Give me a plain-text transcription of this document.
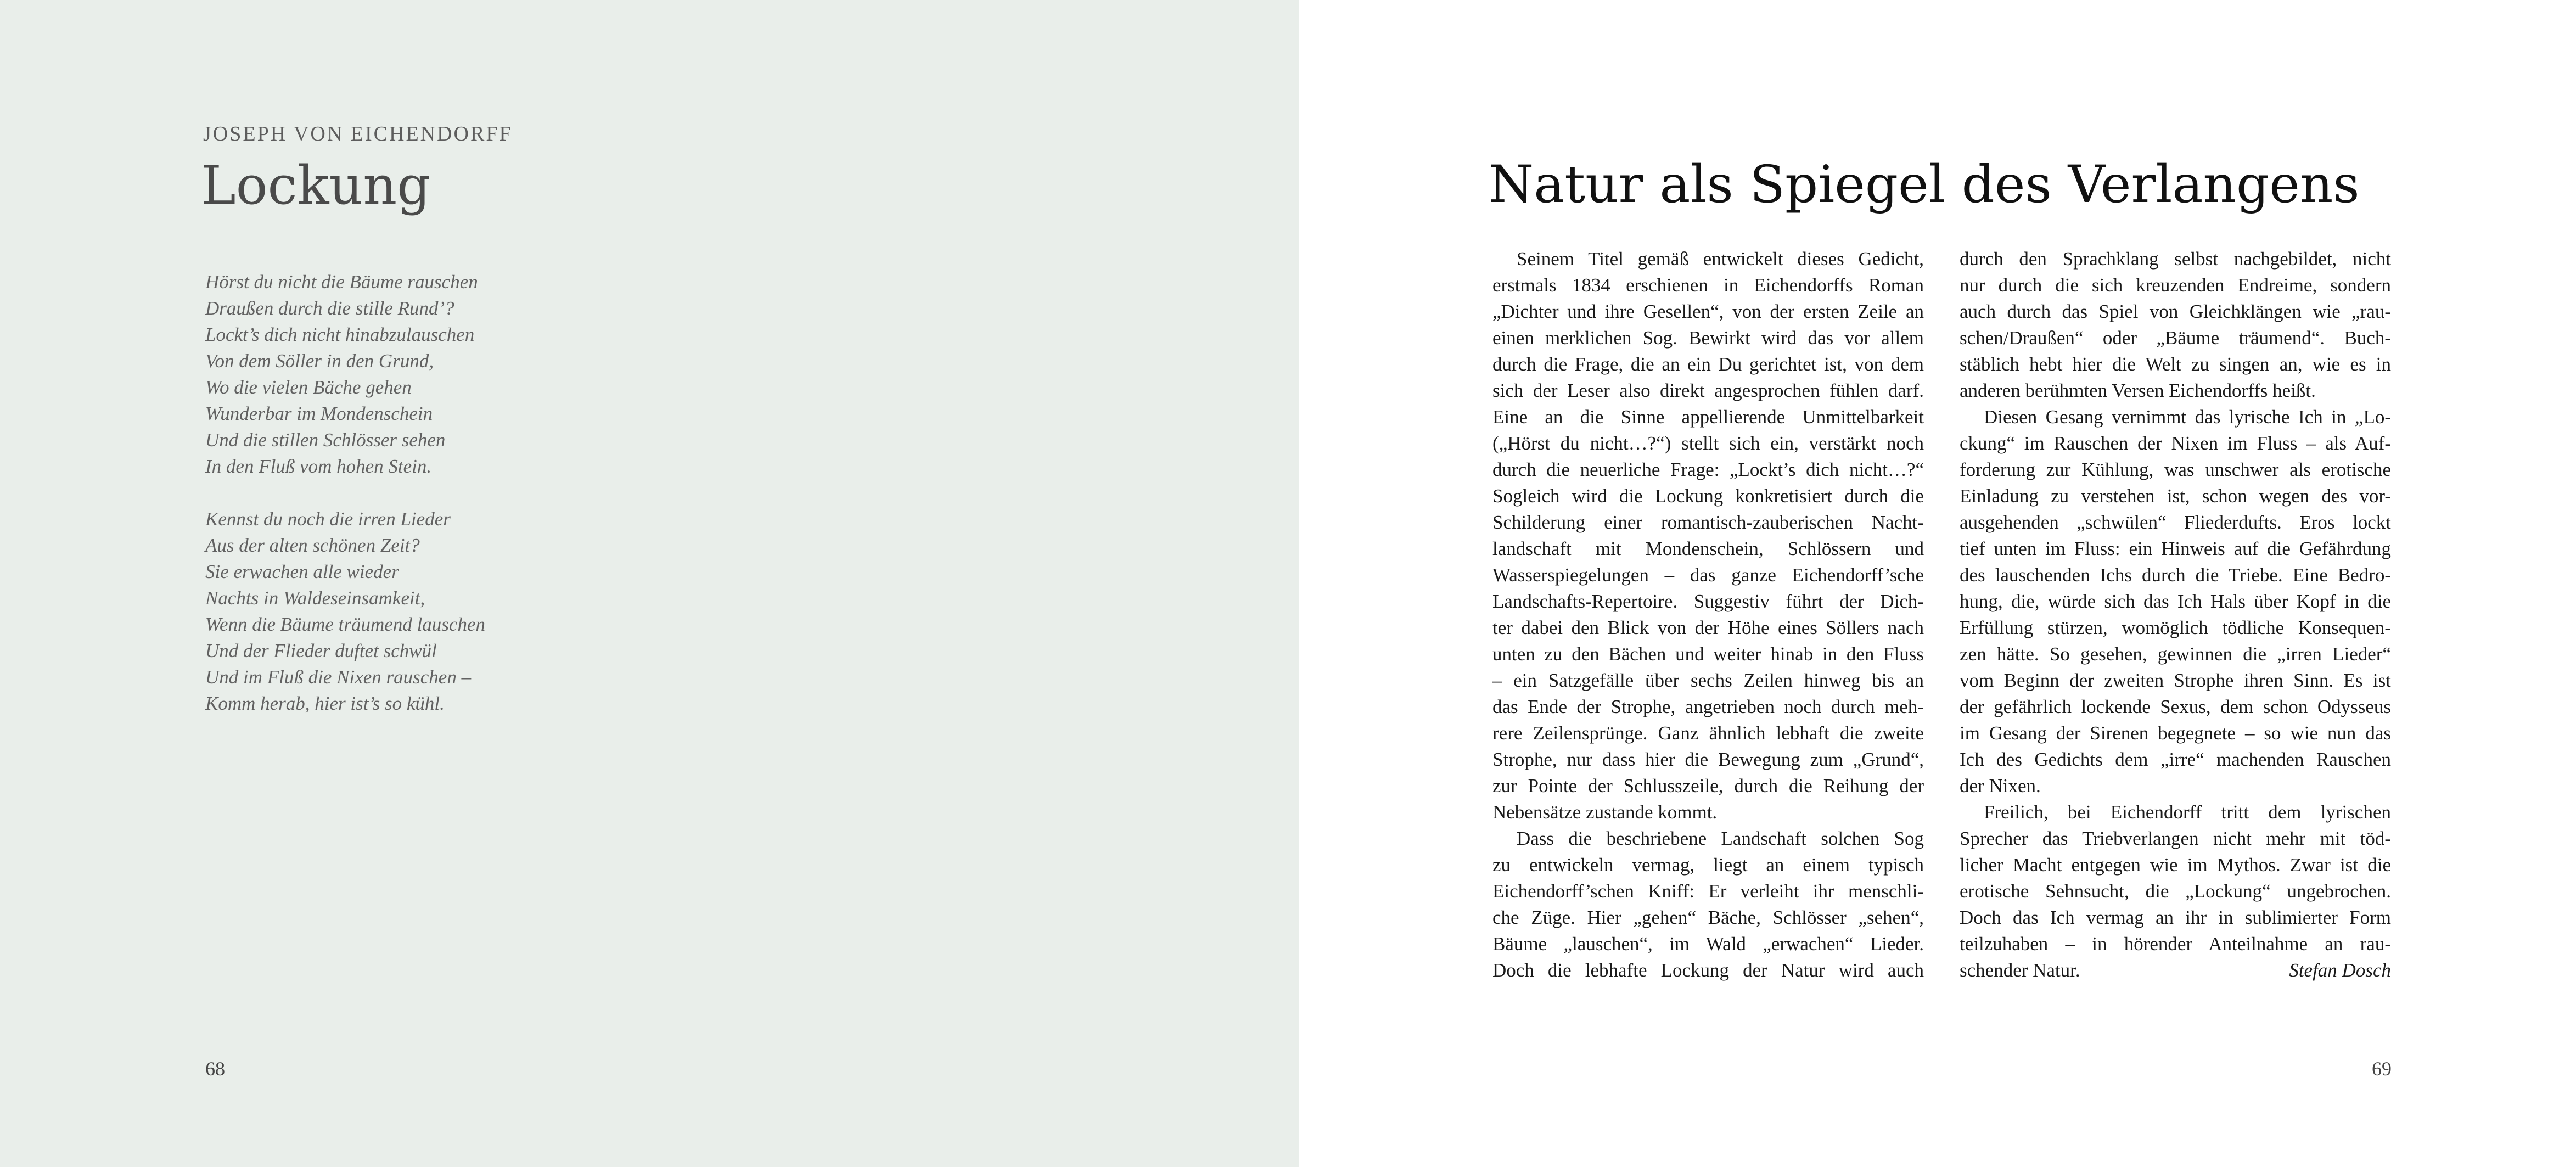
JOSEPH VON EICHENDORFF

Lockung
Hörst du nicht die Bäume rauschen
Draußen durch die stille Rund’?
Lockt’s dich nicht hinabzulauschen
Von dem Söller in den Grund,
Wo die vielen Bäche gehen
Wunderbar im Mondenschein
Und die stillen Schlösser sehen
In den Fluß vom hohen Stein.
Kennst du noch die irren Lieder
Aus der alten schönen Zeit?
Sie erwachen alle wieder
Nachts in Waldeseinsamkeit,
Wenn die Bäume träumend lauschen
Und der Flieder duftet schwül
Und im Fluß die Nixen rauschen –
Komm herab, hier ist’s so kühl.

68

Natur als Spiegel des Verlangens
Seinem Titel gemäß entwickelt dieses Gedicht,
erstmals 1834 erschienen in Eichendorffs Roman
„Dichter und ihre Gesellen“, von der ersten Zeile an
einen merklichen Sog. Bewirkt wird das vor allem
durch die Frage, die an ein Du gerichtet ist, von dem
sich der Leser also direkt angesprochen fühlen darf.
Eine an die Sinne appellierende Unmittelbarkeit
(„Hörst du nicht…?“) stellt sich ein, verstärkt noch
durch die neuerliche Frage: „Lockt’s dich nicht…?“
Sogleich wird die Lockung konkretisiert durch die
Schilderung einer romantisch-zauberischen Nacht-
landschaft mit Mondenschein, Schlössern und
Wasserspiegelungen – das ganze Eichendorff’sche
Landschafts-Repertoire. Suggestiv führt der Dich-
ter dabei den Blick von der Höhe eines Söllers nach
unten zu den Bächen und weiter hinab in den Fluss
– ein Satzgefälle über sechs Zeilen hinweg bis an
das Ende der Strophe, angetrieben noch durch meh-
rere Zeilensprünge. Ganz ähnlich lebhaft die zweite
Strophe, nur dass hier die Bewegung zum „Grund“,
zur Pointe der Schlusszeile, durch die Reihung der
Nebensätze zustande kommt.
Dass die beschriebene Landschaft solchen Sog
zu entwickeln vermag, liegt an einem typisch
Eichendorff’schen Kniff: Er verleiht ihr menschli-
che Züge. Hier „gehen“ Bäche, Schlösser „sehen“,
Bäume „lauschen“, im Wald „erwachen“ Lieder.
Doch die lebhafte Lockung der Natur wird auch
durch den Sprachklang selbst nachgebildet, nicht
nur durch die sich kreuzenden Endreime, sondern
auch durch das Spiel von Gleichklängen wie „rau-
schen/Draußen“ oder „Bäume träumend“. Buch-
stäblich hebt hier die Welt zu singen an, wie es in
anderen berühmten Versen Eichendorffs heißt.
Diesen Gesang vernimmt das lyrische Ich in „Lo-
ckung“ im Rauschen der Nixen im Fluss – als Auf-
forderung zur Kühlung, was unschwer als erotische
Einladung zu verstehen ist, schon wegen des vor-
ausgehenden „schwülen“ Fliederdufts. Eros lockt
tief unten im Fluss: ein Hinweis auf die Gefährdung
des lauschenden Ichs durch die Triebe. Eine Bedro-
hung, die, würde sich das Ich Hals über Kopf in die
Erfüllung stürzen, womöglich tödliche Konsequen-
zen hätte. So gesehen, gewinnen die „irren Lieder“
vom Beginn der zweiten Strophe ihren Sinn. Es ist
der gefährlich lockende Sexus, dem schon Odysseus
im Gesang der Sirenen begegnete – so wie nun das
Ich des Gedichts dem „irre“ machenden Rauschen
der Nixen.
Freilich, bei Eichendorff tritt dem lyrischen
Sprecher das Triebverlangen nicht mehr mit töd-
licher Macht entgegen wie im Mythos. Zwar ist die
erotische Sehnsucht, die „Lockung“ ungebrochen.
Doch das Ich vermag an ihr in sublimierter Form
teilzuhaben – in hörender Anteilnahme an rau-
schender Natur.	Stefan Dosch

69
